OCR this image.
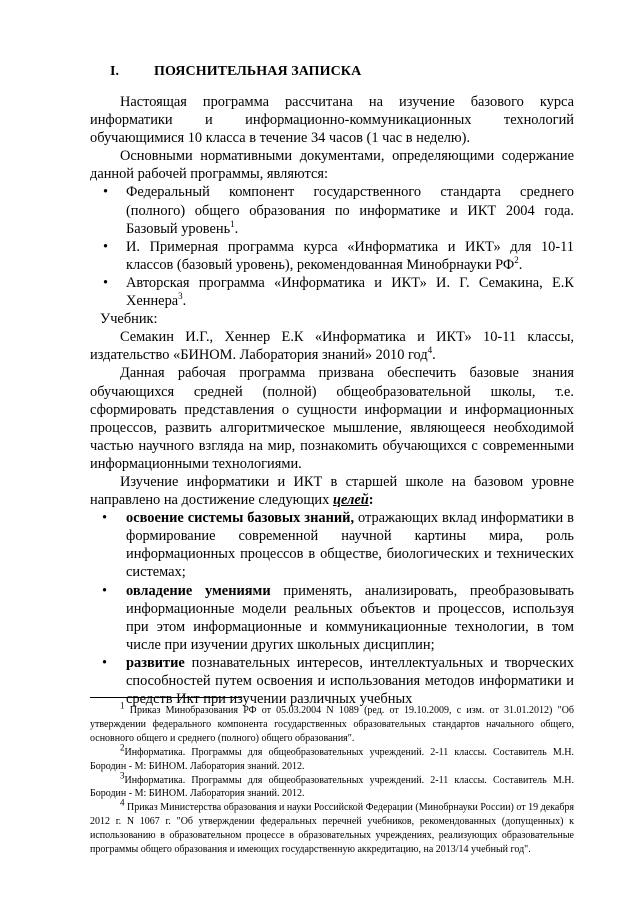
I. ПОЯСНИТЕЛЬНАЯ ЗАПИСКА

Настоящая программа рассчитана на изучение базового курса информатики и информационно-коммуникационных технологий обучающимися 10 класса в течение 34 часов (1 час в неделю).

Основными нормативными документами, определяющими содержание данной рабочей программы, являются:

• Федеральный компонент государственного стандарта среднего (полного) общего образования по информатике и ИКТ 2004 года. Базовый уровень$^1$.
• И. Примерная программа курса «Информатика и ИКТ» для 10-11 классов (базовый уровень), рекомендованная Минобрнауки $РФ^2$.
• Авторская программа «Информатика и ИКТ» И. Г. Семакина, Е.К Хеннера$^3$.

Учебник:

Семакин И.Г., Хеннер Е.К «Информатика и ИКТ» 10-11 классы, издательство «БИНОМ. Лаборатория знаний» 2010 год$^4$.

Данная рабочая программа призвана обеспечить базовые знания обучающихся средней (полной) общеобразовательной школы, т.е. сформировать представления о сущности информации и информационных процессов, развить алгоритмическое мышление, являющееся необходимой частью научного взгляда на мир, познакомить обучающихся с современными информационными технологиями.

Изучение информатики и ИКТ в старшей школе на базовом уровне направлено на достижение следующих целей:

• освоение системы базовых знаний, отражающих вклад информатики в формирование современной научной картины мира, роль информационных процессов в обществе, биологических и технических системах;
• овладение умениями применять, анализировать, преобразовывать информационные модели реальных объектов и процессов, используя при этом информационные и коммуникационные технологии, в том числе при изучении других школьных дисциплин;
• развитие познавательных интересов, интеллектуальных и творческих способностей путем освоения и использования методов информатики и средств Икт при изучении различных учебных

$^1$ Приказ Минобразования РФ от 05.03.2004 N 1089 (ред. от 19.10.2009, с изм. от 31.01.2012) "Об утверждении федерального компонента государственных образовательных стандартов начального общего, основного общего и среднего (полного) общего образования".

$^2$Информатика. Программы для общеобразовательных учреждений. 2-11 классы. Составитель М.Н. Бородин - М: БИНОМ. Лаборатория знаний. 2012.

$^3$Информатика. Программы для общеобразовательных учреждений. 2-11 классы. Составитель М.Н. Бородин - М: БИНОМ. Лаборатория знаний. 2012.

$^4$ Приказ Министерства образования и науки Российской Федерации (Минобрнауки России) от 19 декабря 2012 г. N 1067 г. "Об утверждении федеральных перечней учебников, рекомендованных (допущенных) к использованию в образовательном процессе в образовательных учреждениях, реализующих образовательные программы общего образования и имеющих государственную аккредитацию, на 2013/14 учебный год".
